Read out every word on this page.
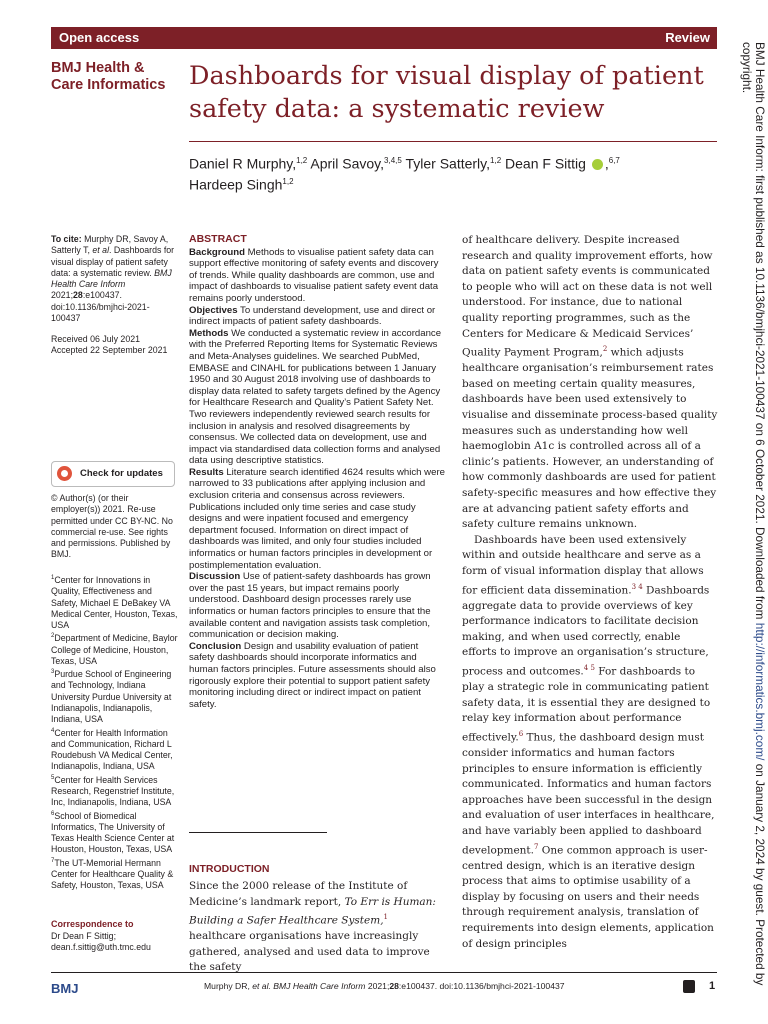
Open access	Review
BMJ Health &
Care Informatics Dashboards for visual display of patient safety data: a systematic review
Daniel R Murphy,$^{1,2}$ April Savoy,$^{3,4,5}$ Tyler Satterly,$^{1,2}$ Dean F Sittig ,$^{6,7}$
Hardeep Singh$^{1,2}$
To cite: Murphy DR, Savoy A, Satterly T, et al. Dashboards for visual display of patient safety data: a systematic review. BMJ Health Care Inform 2021;28:e100437. doi:10.1136/bmjhci-2021-100437
Received 06 July 2021
Accepted 22 September 2021
Check for updates
© Author(s) (or their employer(s)) 2021. Re-use permitted under CC BY-NC. No commercial re-use. See rights and permissions. Published by BMJ.
$^1$Center for Innovations in Quality, Effectiveness and Safety, Michael E DeBakey VA Medical Center, Houston, Texas, USA
$^2$Department of Medicine, Baylor College of Medicine, Houston, Texas, USA
$^3$Purdue School of Engineering and Technology, Indiana University Purdue University at Indianapolis, Indianapolis, Indiana, USA
$^4$Center for Health Information and Communication, Richard L Roudebush VA Medical Center, Indianapolis, Indiana, USA
$^5$Center for Health Services Research, Regenstrief Institute, Inc, Indianapolis, Indiana, USA
$^6$School of Biomedical Informatics, The University of Texas Health Science Center at Houston, Houston, Texas, USA
$^7$The UT-Memorial Hermann Center for Healthcare Quality & Safety, Houston, Texas, USA
Correspondence to
Dr Dean F Sittig;
dean.f.sittig@uth.tmc.edu
ABSTRACT

Background Methods to visualise patient safety data can support effective monitoring of safety events and discovery of trends. While quality dashboards are common, use and impact of dashboards to visualise patient safety event data remains poorly understood.

Objectives To understand development, use and direct or indirect impacts of patient safety dashboards.

Methods We conducted a systematic review in accordance with the Preferred Reporting Items for Systematic Reviews and Meta-Analyses guidelines. We searched PubMed, EMBASE and CINAHL for publications between 1 January 1950 and 30 August 2018 involving use of dashboards to display data related to safety targets defined by the Agency for Healthcare Research and Quality’s Patient Safety Net. Two reviewers independently reviewed search results for inclusion in analysis and resolved disagreements by consensus. We collected data on development, use and impact via standardised data collection forms and analysed data using descriptive statistics.

Results Literature search identified 4624 results which were narrowed to 33 publications after applying inclusion and exclusion criteria and consensus across reviewers. Publications included only time series and case study designs and were inpatient focused and emergency department focused. Information on direct impact of dashboards was limited, and only four studies included informatics or human factors principles in development or postimplementation evaluation.

Discussion Use of patient-safety dashboards has grown over the past 15 years, but impact remains poorly understood. Dashboard design processes rarely use informatics or human factors principles to ensure that the available content and navigation assists task completion, communication or decision making.

Conclusion Design and usability evaluation of patient safety dashboards should incorporate informatics and human factors principles. Future assessments should also rigorously explore their potential to support patient safety monitoring including direct or indirect impact on patient safety.

INTRODUCTION

Since the 2000 release of the Institute of Medicine’s landmark report, To Err is Human: Building a Safer Healthcare System,$^1$ healthcare organisations have increasingly gathered, analysed and used data to improve the safety

of healthcare delivery. Despite increased research and quality improvement efforts, how data on patient safety events is communicated to people who will act on these data is not well understood. For instance, due to national quality reporting programmes, such as the Centers for Medicare & Medicaid Services’ Quality Payment Program,$^2$ which adjusts healthcare organisation’s reimbursement rates based on meeting certain quality measures, dashboards have been used extensively to visualise and disseminate process-based quality measures such as understanding how well haemoglobin A1c is controlled across all of a clinic’s patients. However, an understanding of how commonly dashboards are used for patient safety-specific measures and how effective they are at advancing patient safety efforts and safety culture remains unknown.

Dashboards have been used extensively within and outside healthcare and serve as a form of visual information display that allows for efficient data dissemination.$^{3 4}$ Dashboards aggregate data to provide overviews of key performance indicators to facilitate decision making, and when used correctly, enable efforts to improve an organisation’s structure, process and outcomes.$^{4 5}$ For dashboards to play a strategic role in communicating patient safety data, it is essential they are designed to relay key information about performance effectively.$^6$ Thus, the dashboard design must consider informatics and human factors principles to ensure information is efficiently communicated. Informatics and human factors approaches have been successful in the design and evaluation of user interfaces in healthcare, and have variably been applied to dashboard development.$^7$ One common approach is user-centred design, which is an iterative design process that aims to optimise usability of a display by focusing on users and their needs through requirement analysis, translation of requirements into design elements, application of design principles

BMJ	Murphy DR, et al. BMJ Health Care Inform 2021;28:e100437. doi:10.1136/bmjhci-2021-100437	1
BMJ Health Care Inform: first published as 10.1136/bmjhci-2021-100437 on 6 October 2021. Downloaded from http://informatics.bmj.com/ on January 2, 2024 by guest. Protected by copyright.
